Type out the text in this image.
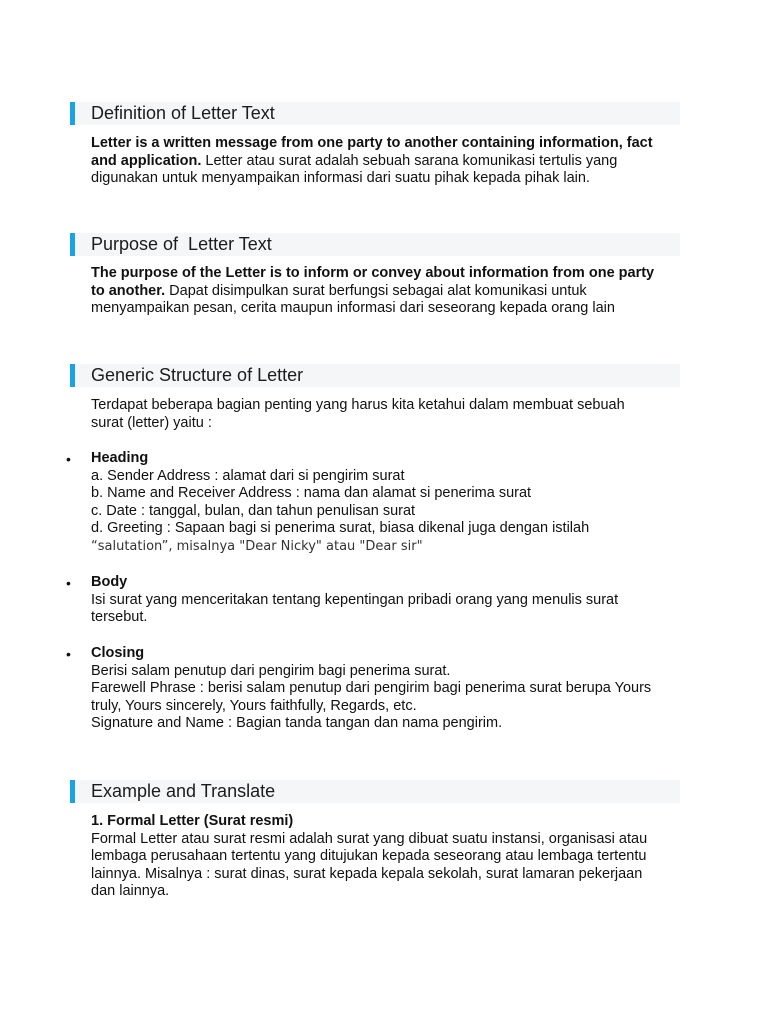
Definition of Letter Text
Letter is a written message from one party to another containing information, fact
and application. Letter atau surat adalah sebuah sarana komunikasi tertulis yang
digunakan untuk menyampaikan informasi dari suatu pihak kepada pihak lain.
Purpose of  Letter Text
The purpose of the Letter is to inform or convey about information from one party
to another. Dapat disimpulkan surat berfungsi sebagai alat komunikasi untuk
menyampaikan pesan, cerita maupun informasi dari seseorang kepada orang lain
Generic Structure of Letter
Terdapat beberapa bagian penting yang harus kita ketahui dalam membuat sebuah
surat (letter) yaitu :
• Heading
a. Sender Address : alamat dari si pengirim surat
b. Name and Receiver Address : nama dan alamat si penerima surat
c. Date : tanggal, bulan, dan tahun penulisan surat
d. Greeting : Sapaan bagi si penerima surat, biasa dikenal juga dengan istilah
“salutation”, misalnya "Dear Nicky" atau "Dear sir"
• Body
Isi surat yang menceritakan tentang kepentingan pribadi orang yang menulis surat
tersebut.
• Closing
Berisi salam penutup dari pengirim bagi penerima surat.
Farewell Phrase : berisi salam penutup dari pengirim bagi penerima surat berupa Yours
truly, Yours sincerely, Yours faithfully, Regards, etc.
Signature and Name : Bagian tanda tangan dan nama pengirim.
Example and Translate
1. Formal Letter (Surat resmi)
Formal Letter atau surat resmi adalah surat yang dibuat suatu instansi, organisasi atau
lembaga perusahaan tertentu yang ditujukan kepada seseorang atau lembaga tertentu
lainnya. Misalnya : surat dinas, surat kepada kepala sekolah, surat lamaran pekerjaan
dan lainnya.
